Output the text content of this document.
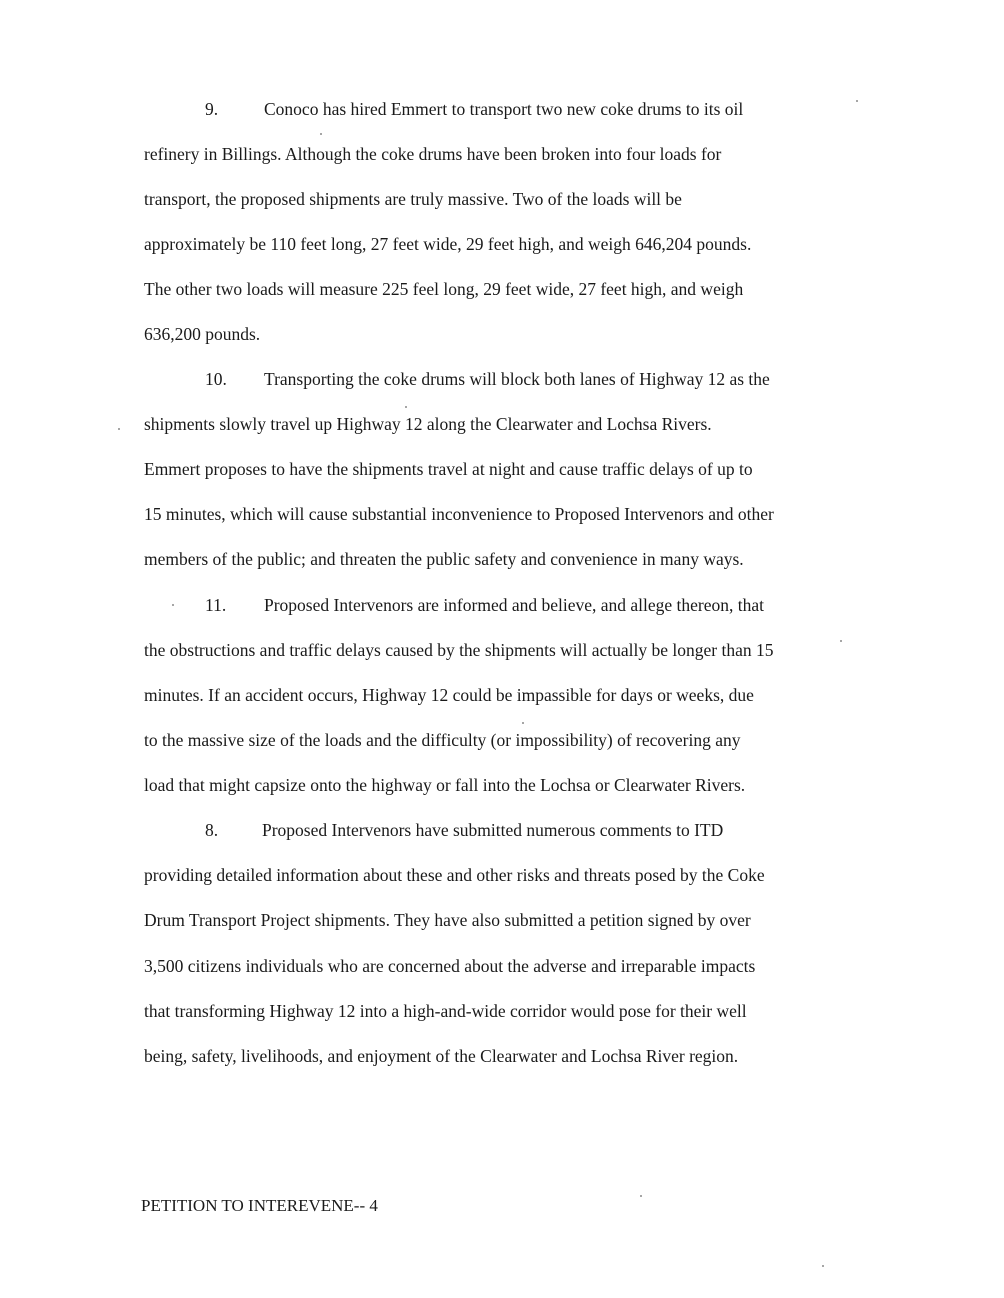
9.	Conoco has hired Emmert to transport two new coke drums to its oil
refinery in Billings. Although the coke drums have been broken into four loads for
transport, the proposed shipments are truly massive. Two of the loads will be
approximately be 110 feet long, 27 feet wide, 29 feet high, and weigh 646,204 pounds.
The other two loads will measure 225 feel long, 29 feet wide, 27 feet high, and weigh
636,200 pounds.
10. Transporting the coke drums will block both lanes of Highway 12 as the
shipments slowly travel up Highway 12 along the Clearwater and Lochsa Rivers.
Emmert proposes to have the shipments travel at night and cause traffic delays of up to
15 minutes, which will cause substantial inconvenience to Proposed Intervenors and other
members of the public; and threaten the public safety and convenience in many ways.
11. Proposed Intervenors are informed and believe, and allege thereon, that
the obstructions and traffic delays caused by the shipments will actually be longer than 15
minutes. If an accident occurs, Highway 12 could be impassible for days or weeks, due
to the massive size of the loads and the difficulty (or impossibility) of recovering any
load that might capsize onto the highway or fall into the Lochsa or Clearwater Rivers.
8.	Proposed Intervenors have submitted numerous comments to ITD
providing detailed information about these and other risks and threats posed by the Coke
Drum Transport Project shipments. They have also submitted a petition signed by over
3,500 citizens individuals who are concerned about the adverse and irreparable impacts
that transforming Highway 12 into a high-and-wide corridor would pose for their well
being, safety, livelihoods, and enjoyment of the Clearwater and Lochsa River region.
PETITION TO INTEREVENE-- 4
